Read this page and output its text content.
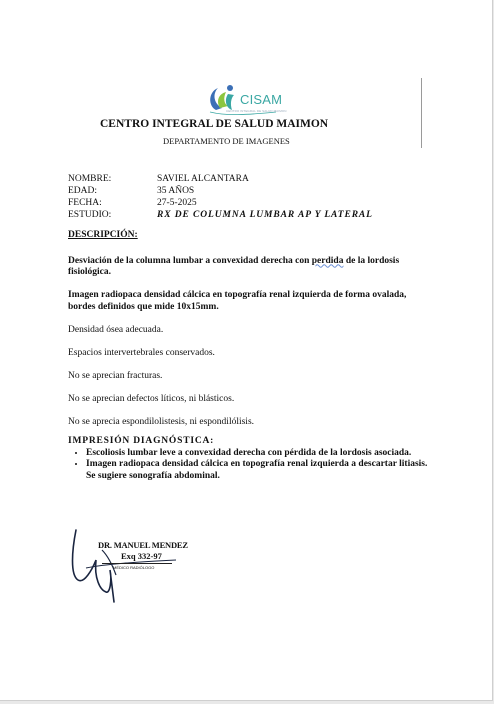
CISAM
CENTRO INTEGRAL DE SALUD MAIMON
CENTRO INTEGRAL DE SALUD MAIMON
DEPARTAMENTO DE IMAGENES
NOMBRE:	SAVIEL ALCANTARA
EDAD:	35 AÑOS
FECHA:	27-5-2025
ESTUDIO:	RX DE COLUMNA LUMBAR AP Y LATERAL
DESCRIPCIÓN:

Desviación de la columna lumbar a convexidad derecha con perdida de la lordosis fisiológica.

Imagen radiopaca densidad cálcica en topografía renal izquierda de forma ovalada, bordes definidos que mide 10x15mm.

Densidad ósea adecuada.

Espacios intervertebrales conservados.

No se aprecian fracturas.

No se aprecian defectos líticos, ni blásticos.

No se aprecia espondilolistesis, ni espondilólisis.

IMPRESIÓN DIAGNÓSTICA:
• Escoliosis lumbar leve a convexidad derecha con pérdida de la lordosis asociada.
• Imagen radiopaca densidad cálcica en topografía renal izquierda a descartar litiasis. Se sugiere sonografía abdominal.
DR. MANUEL MENDEZ
Exq 332-97
MÉDICO RADIÓLOGO
